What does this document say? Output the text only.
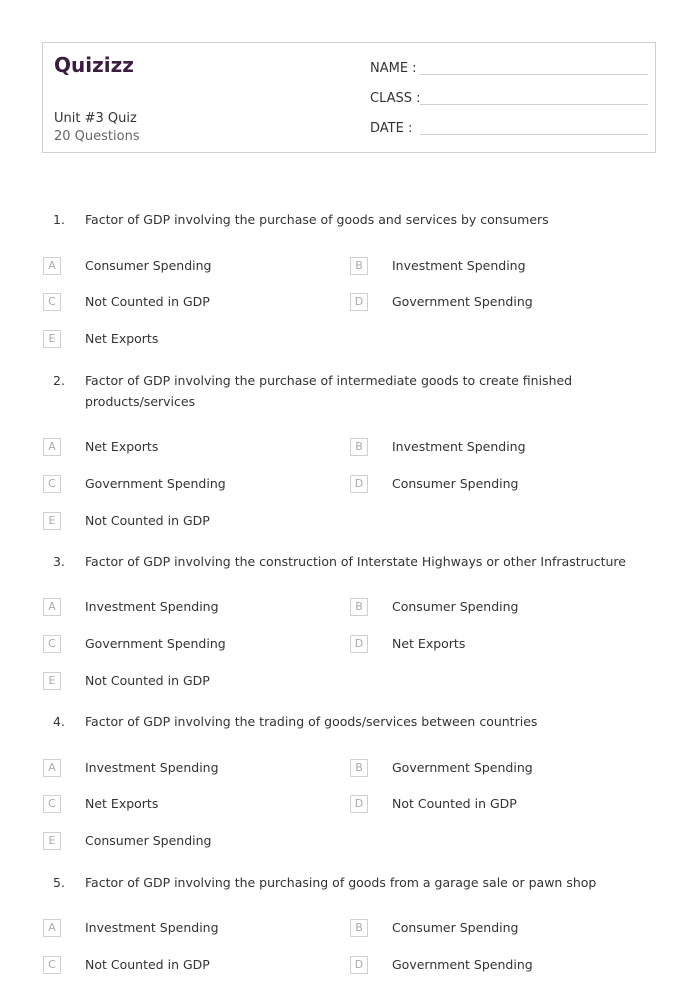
Quizizz
Unit #3 Quiz
20 Questions
NAME :
CLASS :
DATE :
1. Factor of GDP involving the purchase of goods and services by consumers
A	Consumer Spending	B	Investment Spending
C	Not Counted in GDP	D	Government Spending
E	Net Exports
2. Factor of GDP involving the purchase of intermediate goods to create finished products/services
A	Net Exports	B	Investment Spending
C	Government Spending	D	Consumer Spending
E	Not Counted in GDP
3. Factor of GDP involving the construction of Interstate Highways or other Infrastructure
A	Investment Spending	B	Consumer Spending
C	Government Spending	D	Net Exports
E	Not Counted in GDP
4. Factor of GDP involving the trading of goods/services between countries
A	Investment Spending	B	Government Spending
C	Net Exports	D	Not Counted in GDP
E	Consumer Spending
5. Factor of GDP involving the purchasing of goods from a garage sale or pawn shop
A	Investment Spending	B	Consumer Spending
C	Not Counted in GDP	D	Government Spending
